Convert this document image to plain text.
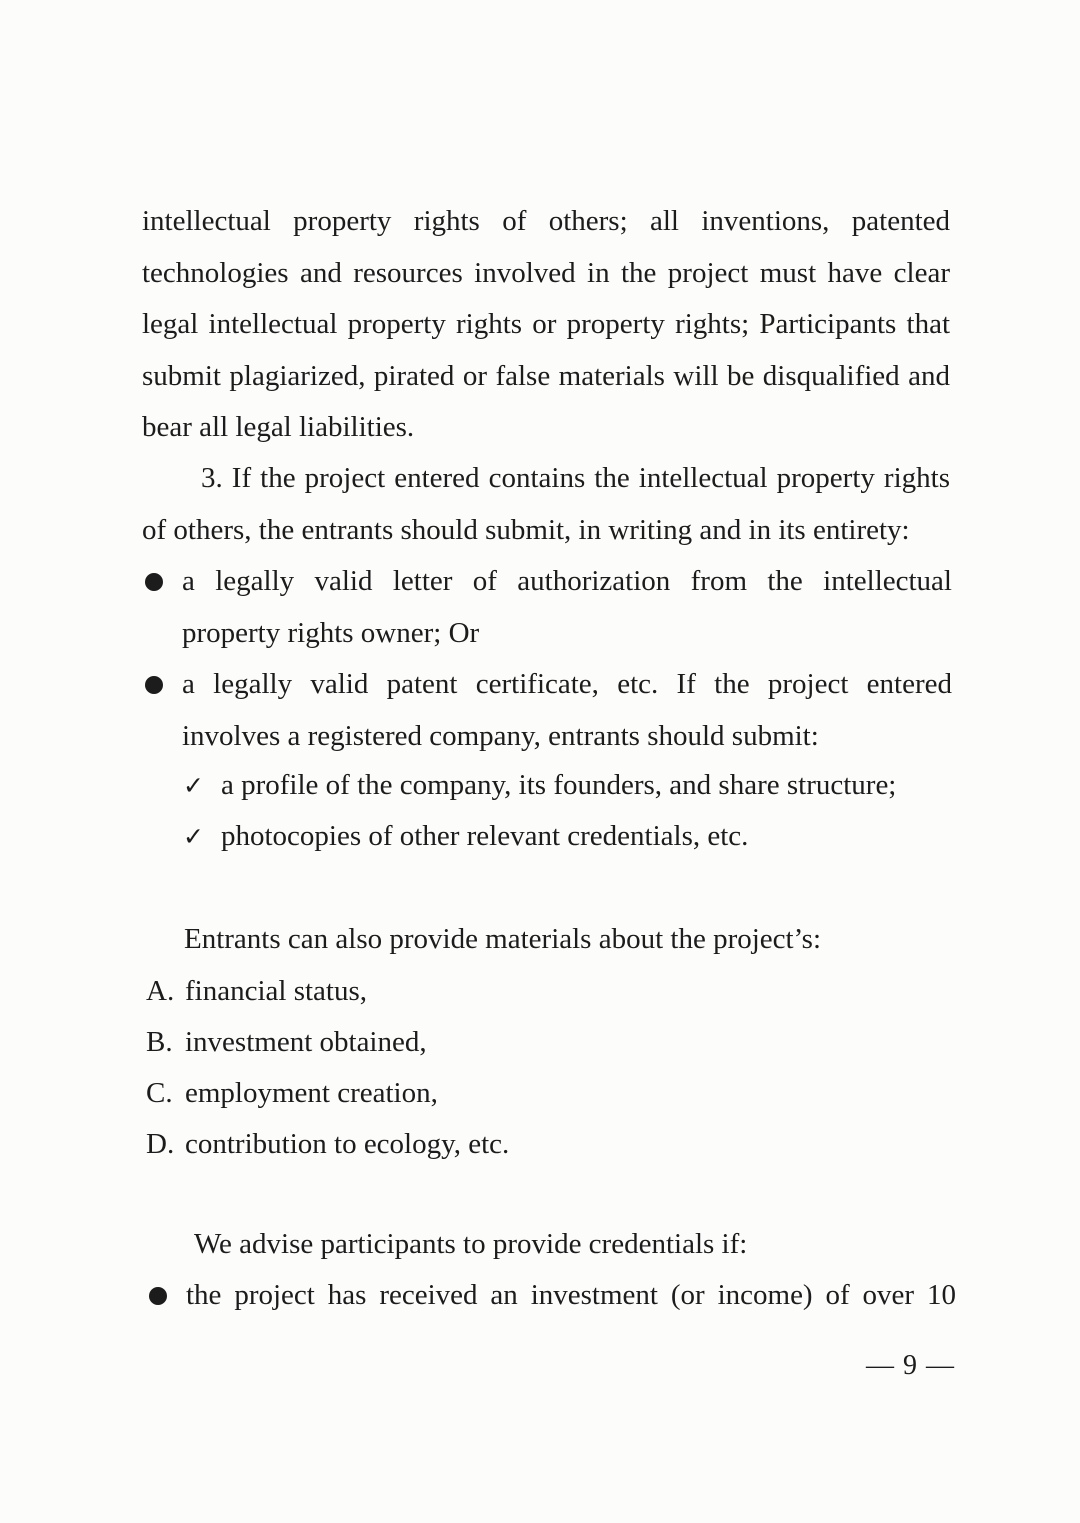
intellectual property rights of others; all inventions, patented
technologies and resources involved in the project must have clear
legal intellectual property rights or property rights; Participants that
submit plagiarized, pirated or false materials will be disqualified and
bear all legal liabilities.
3. If the project entered contains the intellectual property rights
of others, the entrants should submit, in writing and in its entirety:
a legally valid letter of authorization from the intellectual
property rights owner; Or
a legally valid patent certificate, etc. If the project entered
involves a registered company, entrants should submit:
✓ a profile of the company, its founders, and share structure;
✓ photocopies of other relevant credentials, etc.
Entrants can also provide materials about the project’s:
A. financial status,
B. investment obtained,
C. employment creation,
D. contribution to ecology, etc.
We advise participants to provide credentials if:
the project has received an investment (or income) of over 10
— 9 —
